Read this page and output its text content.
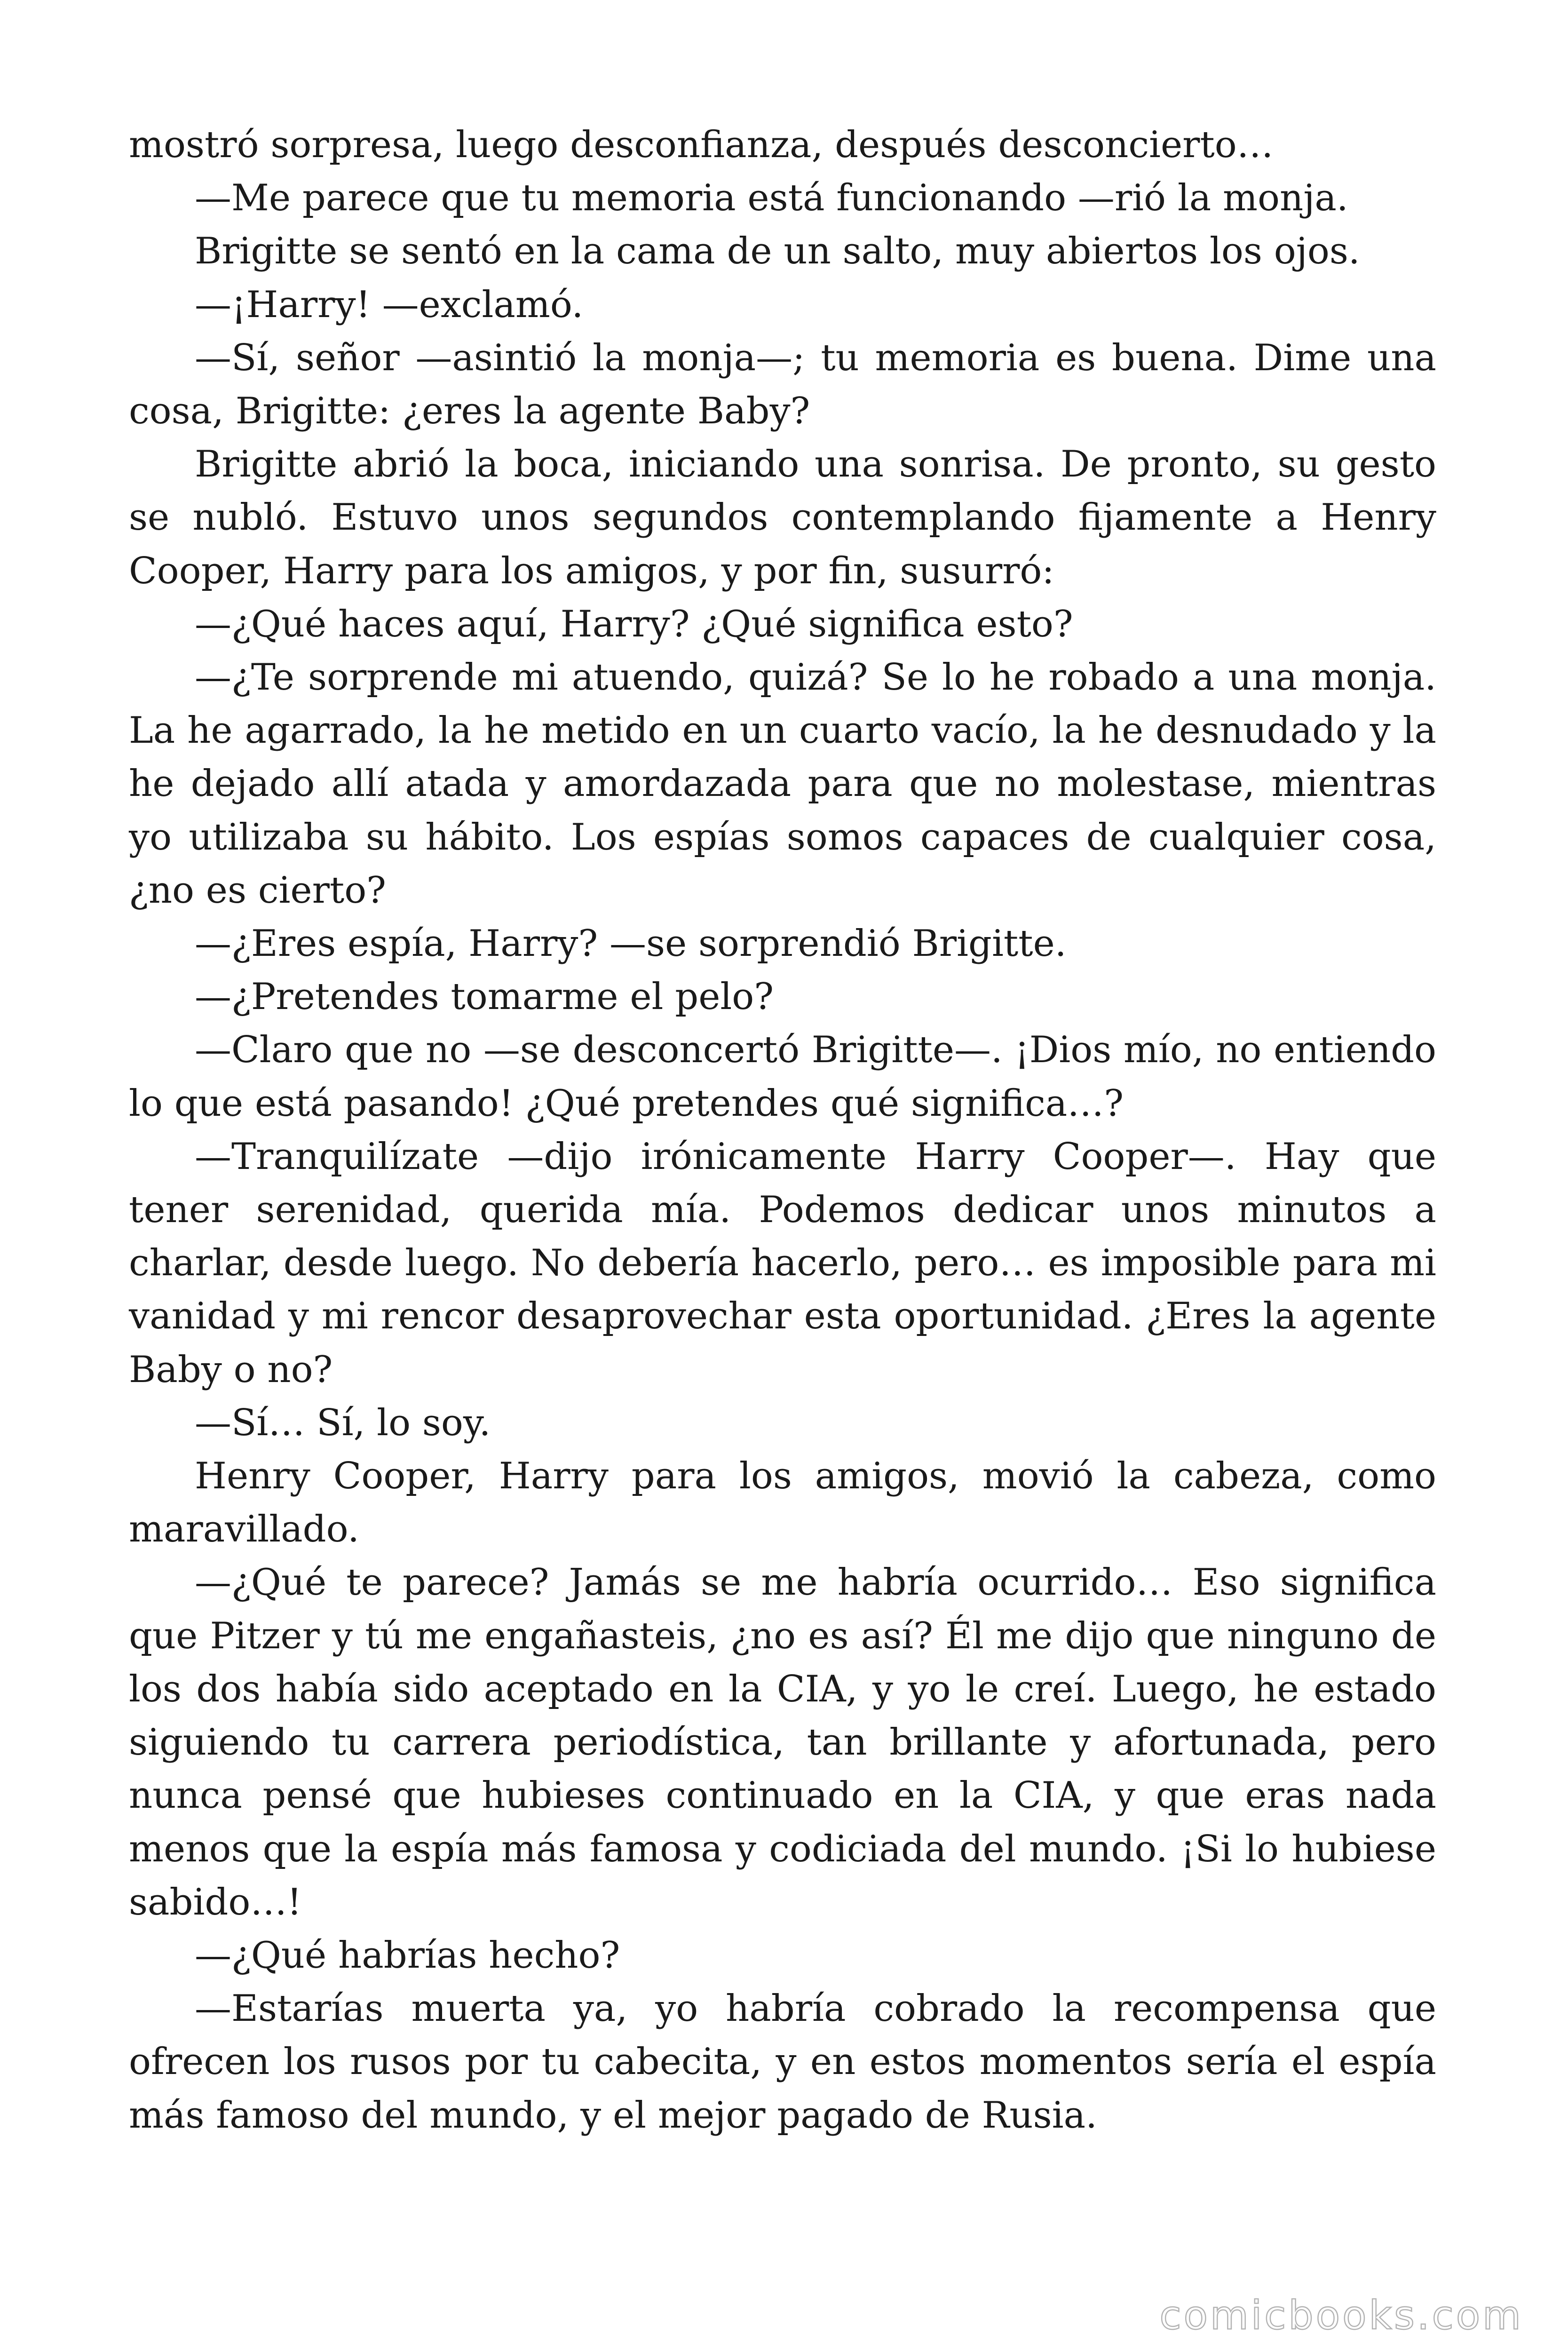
mostró sorpresa, luego desconfianza, después desconcierto…

—Me parece que tu memoria está funcionando —rió la monja.

Brigitte se sentó en la cama de un salto, muy abiertos los ojos.

—¡Harry! —exclamó.

—Sí, señor —asintió la monja—; tu memoria es buena. Dime una cosa, Brigitte: ¿eres la agente Baby?

Brigitte abrió la boca, iniciando una sonrisa. De pronto, su gesto se nubló. Estuvo unos segundos contemplando fijamente a Henry Cooper, Harry para los amigos, y por fin, susurró:

—¿Qué haces aquí, Harry? ¿Qué significa esto?

—¿Te sorprende mi atuendo, quizá? Se lo he robado a una monja. La he agarrado, la he metido en un cuarto vacío, la he desnudado y la he dejado allí atada y amordazada para que no molestase, mientras yo utilizaba su hábito. Los espías somos capaces de cualquier cosa, ¿no es cierto?

—¿Eres espía, Harry? —se sorprendió Brigitte.

—¿Pretendes tomarme el pelo?

—Claro que no —se desconcertó Brigitte—. ¡Dios mío, no entiendo lo que está pasando! ¿Qué pretendes qué significa…?

—Tranquilízate —dijo irónicamente Harry Cooper—. Hay que tener serenidad, querida mía. Podemos dedicar unos minutos a charlar, desde luego. No debería hacerlo, pero… es imposible para mi vanidad y mi rencor desaprovechar esta oportunidad. ¿Eres la agente Baby o no?

—Sí… Sí, lo soy.

Henry Cooper, Harry para los amigos, movió la cabeza, como maravillado.

—¿Qué te parece? Jamás se me habría ocurrido… Eso significa que Pitzer y tú me engañasteis, ¿no es así? Él me dijo que ninguno de los dos había sido aceptado en la CIA, y yo le creí. Luego, he estado siguiendo tu carrera periodística, tan brillante y afortunada, pero nunca pensé que hubieses continuado en la CIA, y que eras nada menos que la espía más famosa y codiciada del mundo. ¡Si lo hubiese sabido…!

—¿Qué habrías hecho?

—Estarías muerta ya, yo habría cobrado la recompensa que ofrecen los rusos por tu cabecita, y en estos momentos sería el espía más famoso del mundo, y el mejor pagado de Rusia.

comicbooks.com
